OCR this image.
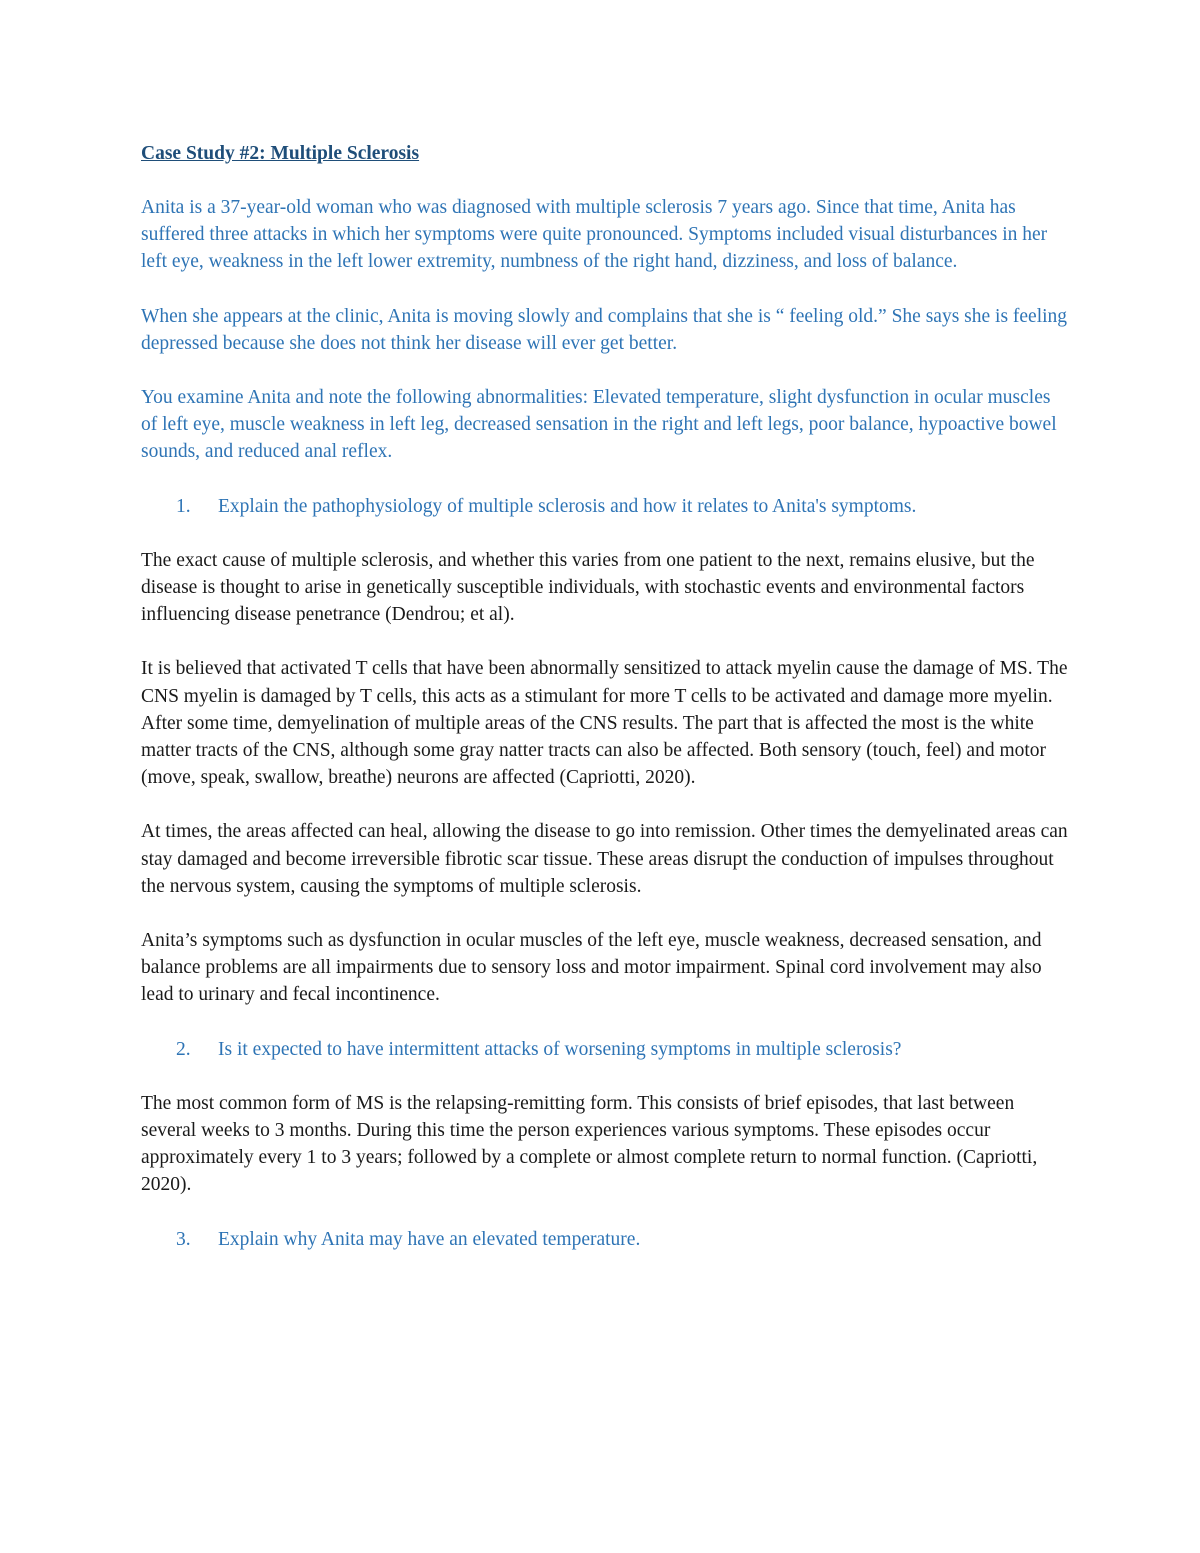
Case Study #2: Multiple Sclerosis

Anita is a 37-year-old woman who was diagnosed with multiple sclerosis 7 years ago. Since that time, Anita has suffered three attacks in which her symptoms were quite pronounced. Symptoms included visual disturbances in her left eye, weakness in the left lower extremity, numbness of the right hand, dizziness, and loss of balance.

When she appears at the clinic, Anita is moving slowly and complains that she is “ feeling old.” She says she is feeling depressed because she does not think her disease will ever get better.

You examine Anita and note the following abnormalities: Elevated temperature, slight dysfunction in ocular muscles of left eye, muscle weakness in left leg, decreased sensation in the right and left legs, poor balance, hypoactive bowel sounds, and reduced anal reflex.

1.	Explain the pathophysiology of multiple sclerosis and how it relates to Anita's symptoms.

The exact cause of multiple sclerosis, and whether this varies from one patient to the next, remains elusive, but the disease is thought to arise in genetically susceptible individuals, with stochastic events and environmental factors influencing disease penetrance (Dendrou; et al).

It is believed that activated T cells that have been abnormally sensitized to attack myelin cause the damage of MS. The CNS myelin is damaged by T cells, this acts as a stimulant for more T cells to be activated and damage more myelin. After some time, demyelination of multiple areas of the CNS results. The part that is affected the most is the white matter tracts of the CNS, although some gray natter tracts can also be affected. Both sensory (touch, feel) and motor (move, speak, swallow, breathe) neurons are affected (Capriotti, 2020).

At times, the areas affected can heal, allowing the disease to go into remission. Other times the demyelinated areas can stay damaged and become irreversible fibrotic scar tissue. These areas disrupt the conduction of impulses throughout the nervous system, causing the symptoms of multiple sclerosis.

Anita’s symptoms such as dysfunction in ocular muscles of the left eye, muscle weakness, decreased sensation, and balance problems are all impairments due to sensory loss and motor impairment. Spinal cord involvement may also lead to urinary and fecal incontinence.

2.	Is it expected to have intermittent attacks of worsening symptoms in multiple sclerosis?

The most common form of MS is the relapsing-remitting form. This consists of brief episodes, that last between several weeks to 3 months. During this time the person experiences various symptoms. These episodes occur approximately every 1 to 3 years; followed by a complete or almost complete return to normal function. (Capriotti, 2020).

3.	Explain why Anita may have an elevated temperature.
